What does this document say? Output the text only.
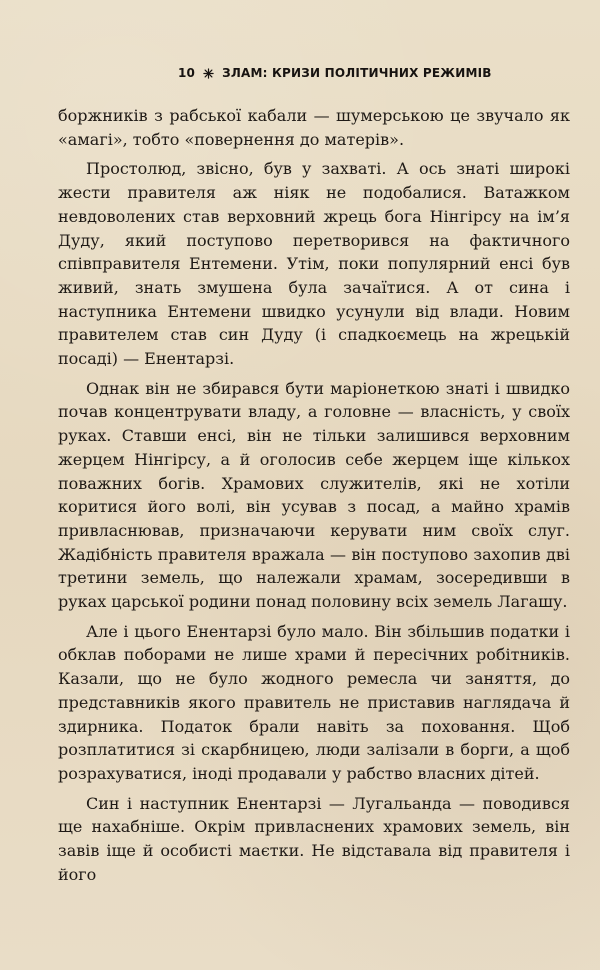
10 ЗЛАМ: КРИЗИ ПОЛІТИЧНИХ РЕЖИМІВ

боржників з рабської кабали — шумерською це звучало як «амагі», тобто «повернення до матерів».

Простолюд, звісно, був у захваті. А ось знаті широкі жести правителя аж ніяк не подобалися. Ватажком невдоволених став верховний жрець бога Нінгірсу на ім’я Дуду, який поступово перетворився на фактичного співправителя Ентемени. Утім, поки популярний енсі був живий, знать змушена була зачаїтися. А от сина і наступника Ентемени швидко усунули від влади. Новим правителем став син Дуду (і спадкоємець на жрецькій посаді) — Енентарзі.

Однак він не збирався бути маріонеткою знаті і швидко почав концентрувати владу, а головне — власність, у своїх руках. Ставши енсі, він не тільки залишився верховним жерцем Нінгірсу, а й оголосив себе жерцем іще кількох поважних богів. Храмових служителів, які не хотіли коритися його волі, він усував з посад, а майно храмів привласнював, призначаючи керувати ним своїх слуг. Жадібність правителя вражала — він поступово захопив дві третини земель, що належали храмам, зосередивши в руках царської родини понад половину всіх земель Лагашу.

Але і цього Енентарзі було мало. Він збільшив податки і обклав поборами не лише храми й пересічних робітників. Казали, що не було жодного ремесла чи заняття, до представників якого правитель не приставив наглядача й здирника. Податок брали навіть за поховання. Щоб розплатитися зі скарбницею, люди залізали в борги, а щоб розрахуватися, іноді продавали у рабство власних дітей.

Син і наступник Енентарзі — Лугальанда — поводився ще нахабніше. Окрім привласнених храмових земель, він завів іще й особисті маєтки. Не відставала від правителя і його
